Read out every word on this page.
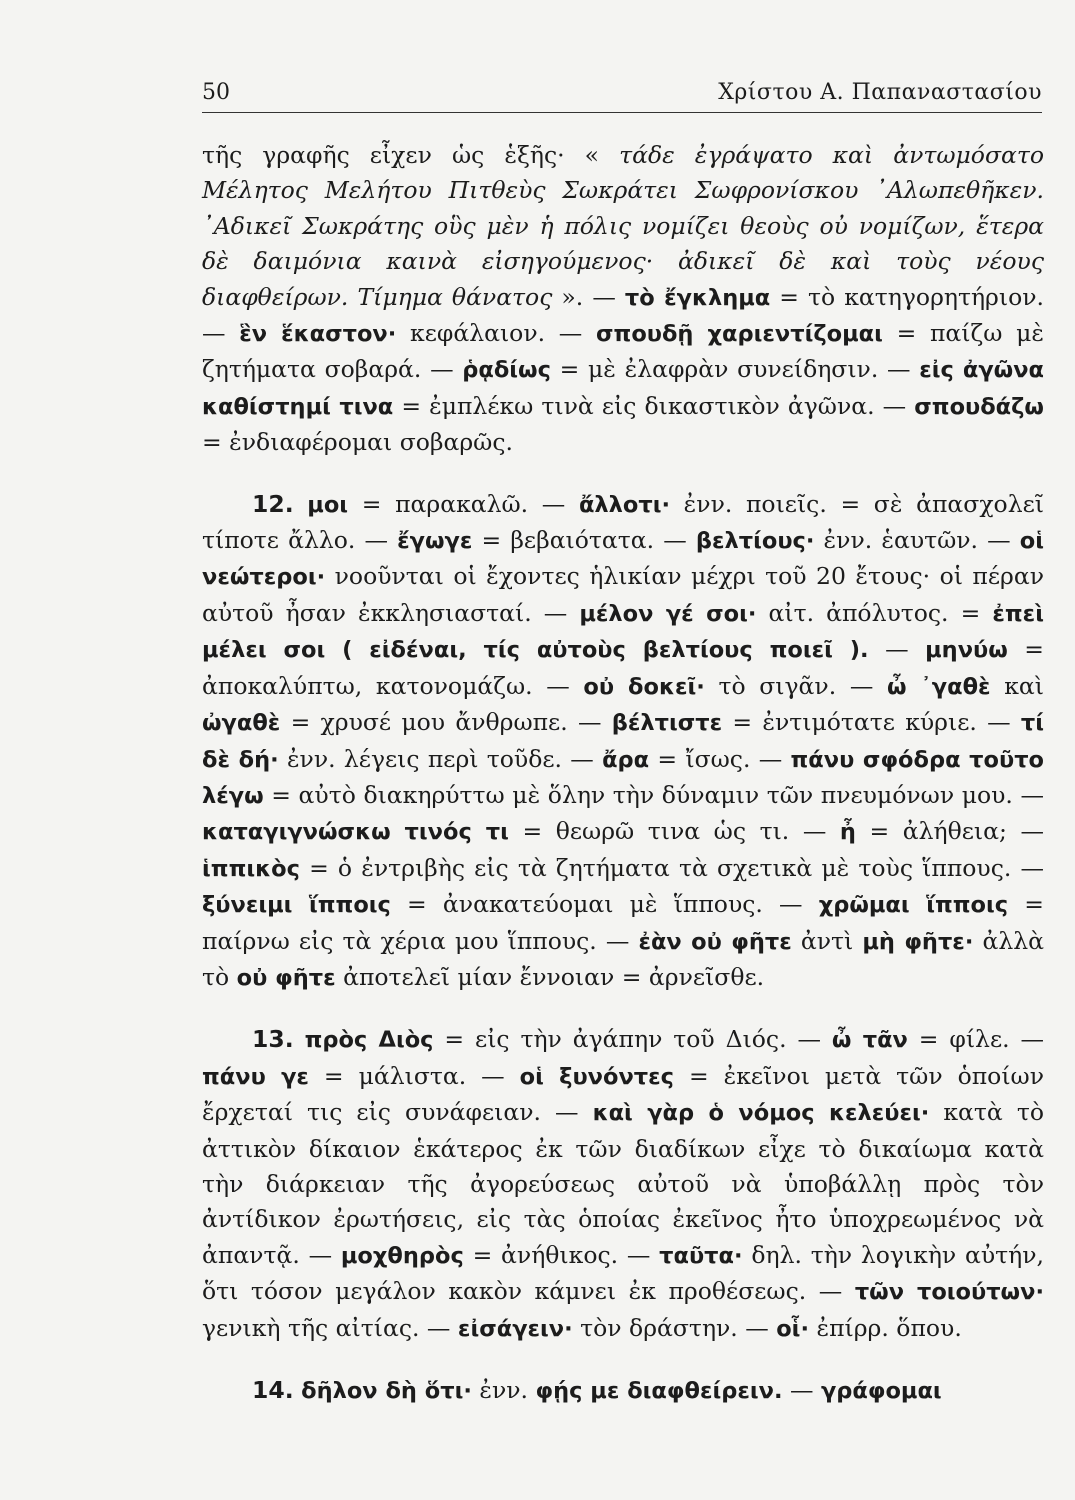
50	Χρίστου Α. Παπαναστασίου

τῆς γραφῆς εἶχεν ὡς ἑξῆς· « τάδε ἐγράψατο καὶ ἀντωμόσατο Μέλητος Μελήτου Πιτθεὺς Σωκράτει Σωφρονίσκου ᾿Αλωπεθῆκεν. ᾿Αδικεῖ Σωκράτης οὓς μὲν ἡ πόλις νομίζει θεοὺς οὐ νομίζων, ἕτερα δὲ δαιμόνια καινὰ εἰσηγούμενος· ἀδικεῖ δὲ καὶ τοὺς νέους διαφθείρων. Τίμημα θάνατος ». — τὸ ἔγκλημα = τὸ κατηγορητήριον. — ἓν ἕκαστον· κεφάλαιον. — σπουδῇ χαριεντίζομαι = παίζω μὲ ζητήματα σοβαρά. — ῥᾳδίως = μὲ ἐλαφρὰν συνείδησιν. — εἰς ἀγῶνα καθίστημί τινα = ἐμπλέκω τινὰ εἰς δικαστικὸν ἀγῶνα. — σπουδάζω = ἐνδιαφέρομαι σοβαρῶς.

12. μοι = παρακαλῶ. — ἄλλοτι· ἐνν. ποιεῖς. = σὲ ἀπασχολεῖ τίποτε ἄλλο. — ἔγωγε = βεβαιότατα. — βελτίους· ἐνν. ἑαυτῶν. — οἱ νεώτεροι· νοοῦνται οἱ ἔχοντες ἡλικίαν μέχρι τοῦ 20 ἔτους· οἱ πέραν αὐτοῦ ἦσαν ἐκκλησιασταί. — μέλον γέ σοι· αἰτ. ἀπόλυτος. = ἐπεὶ μέλει σοι ( εἰδέναι, τίς αὐτοὺς βελτίους ποιεῖ ). — μηνύω = ἀποκαλύπτω, κατονομάζω. — οὐ δοκεῖ· τὸ σιγᾶν. — ὦ ᾿γαθὲ καὶ ὠγαθὲ = χρυσέ μου ἄνθρωπε. — βέλτιστε = ἐντιμότατε κύριε. — τί δὲ δή· ἐνν. λέγεις περὶ τοῦδε. — ἄρα = ἴσως. — πάνυ σφόδρα τοῦτο λέγω = αὐτὸ διακηρύττω μὲ ὅλην τὴν δύναμιν τῶν πνευμόνων μου. — καταγιγνώσκω τινός τι = θεωρῶ τινα ὡς τι. — ἦ = ἀλήθεια; — ἱππικὸς = ὁ ἐντριβὴς εἰς τὰ ζητήματα τὰ σχετικὰ μὲ τοὺς ἵππους. — ξύνειμι ἵπποις = ἀνακατεύομαι μὲ ἵππους. — χρῶμαι ἵπποις = παίρνω εἰς τὰ χέρια μου ἵππους. — ἐὰν οὐ φῆτε ἀντὶ μὴ φῆτε· ἀλλὰ τὸ οὐ φῆτε ἀποτελεῖ μίαν ἔννοιαν = ἀρνεῖσθε.

13. πρὸς Διὸς = εἰς τὴν ἀγάπην τοῦ Διός. — ὦ τᾶν = φίλε. — πάνυ γε = μάλιστα. — οἱ ξυνόντες = ἐκεῖνοι μετὰ τῶν ὁποίων ἔρχεταί τις εἰς συνάφειαν. — καὶ γὰρ ὁ νόμος κελεύει· κατὰ τὸ ἀττικὸν δίκαιον ἑκάτερος ἐκ τῶν διαδίκων εἶχε τὸ δικαίωμα κατὰ τὴν διάρκειαν τῆς ἀγορεύσεως αὐτοῦ νὰ ὑποβάλλῃ πρὸς τὸν ἀντίδικον ἐρωτήσεις, εἰς τὰς ὁποίας ἐκεῖνος ἦτο ὑποχρεωμένος νὰ ἀπαντᾷ. — μοχθηρὸς = ἀνήθικος. — ταῦτα· δηλ. τὴν λογικὴν αὐτήν, ὅτι τόσον μεγάλον κακὸν κάμνει ἐκ προθέσεως. — τῶν τοιούτων· γενικὴ τῆς αἰτίας. — εἰσάγειν· τὸν δράστην. — οἷ· ἐπίρρ. ὅπου.

14. δῆλον δὴ ὅτι· ἐνν. φῄς με διαφθείρειν. — γράφομαι
